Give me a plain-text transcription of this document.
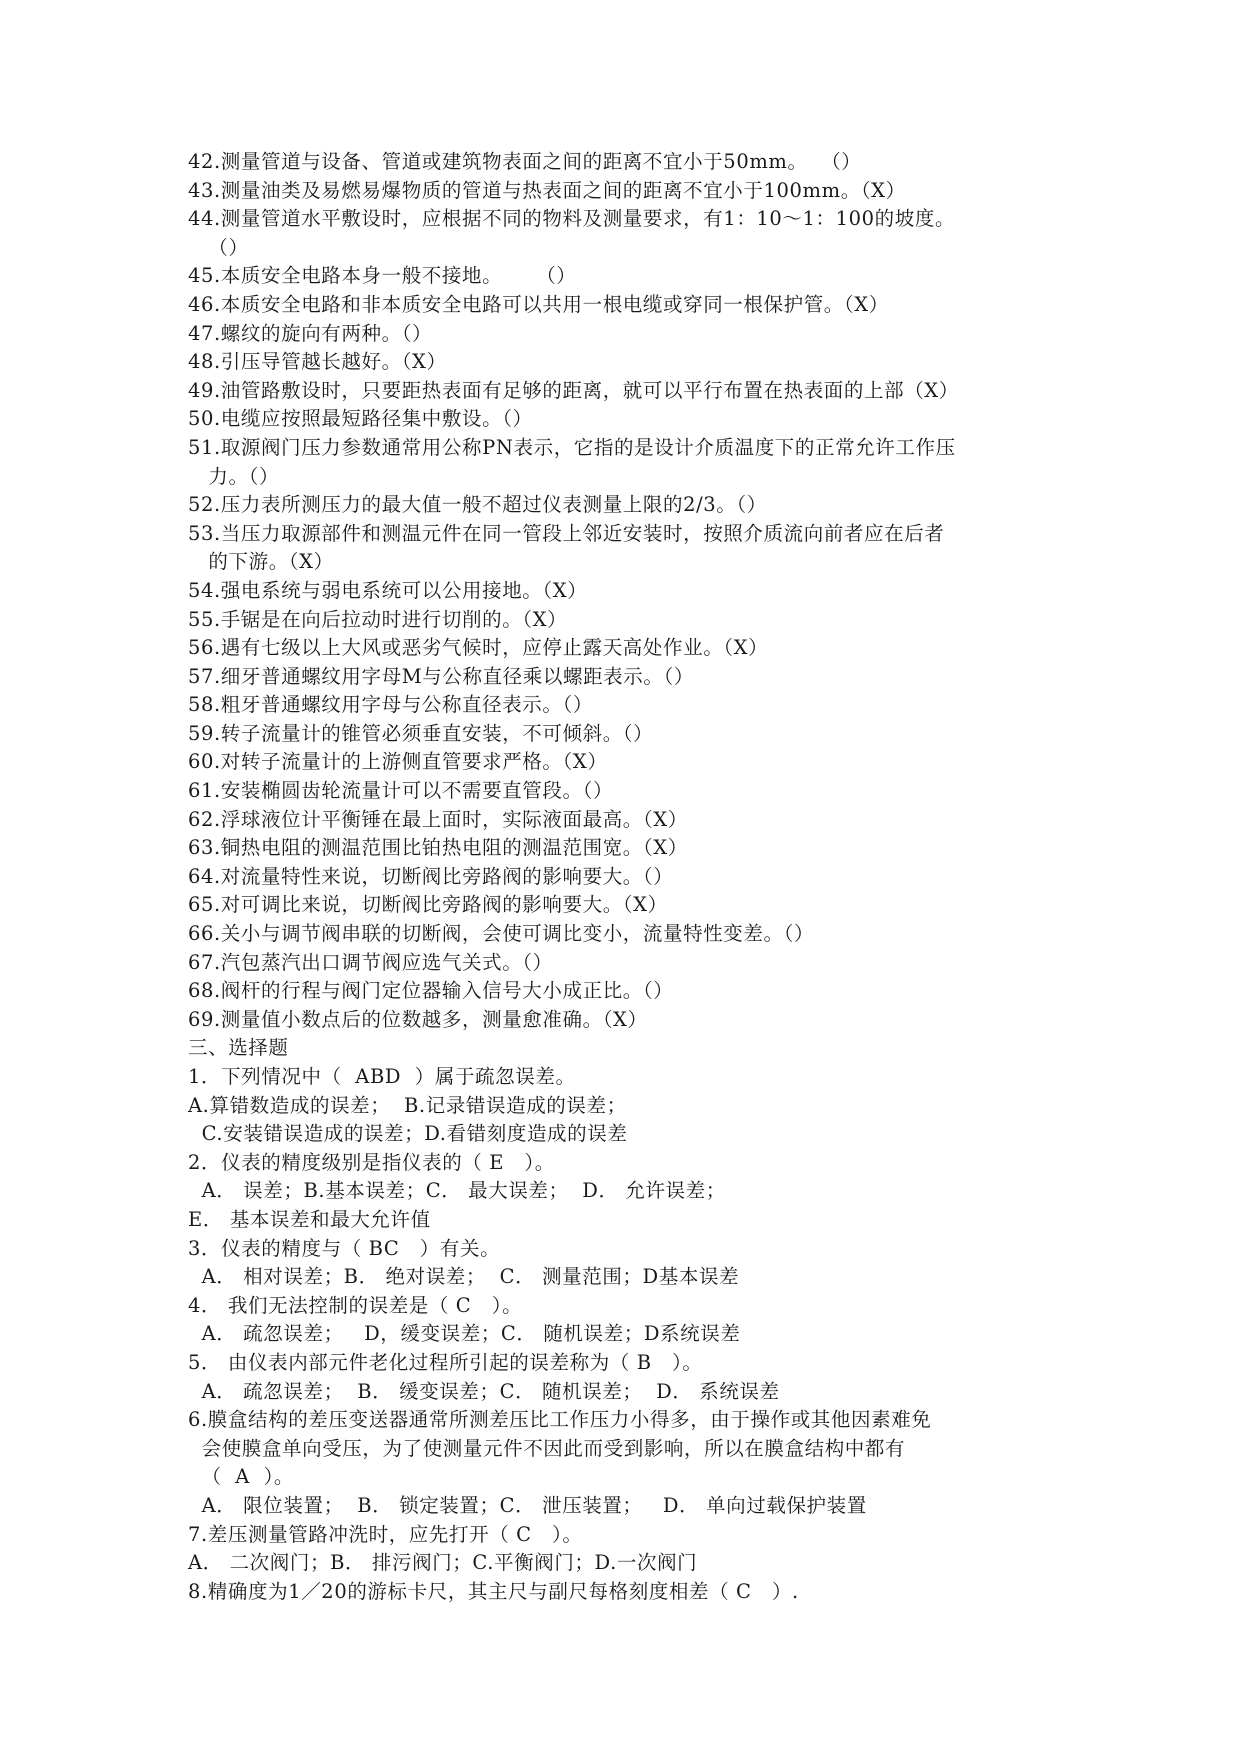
42.测量管道与设备、管道或建筑物表面之间的距离不宜小于50mm。  （）
43.测量油类及易燃易爆物质的管道与热表面之间的距离不宜小于100mm。（X）
44.测量管道水平敷设时，应根据不同的物料及测量要求，有1：10～1：100的坡度。
（）
45.本质安全电路本身一般不接地。     （）
46.本质安全电路和非本质安全电路可以共用一根电缆或穿同一根保护管。（X）
47.螺纹的旋向有两种。（）
48.引压导管越长越好。（X）
49.油管路敷设时，只要距热表面有足够的距离，就可以平行布置在热表面的上部（X）
50.电缆应按照最短路径集中敷设。（）
51.取源阀门压力参数通常用公称PN表示，它指的是设计介质温度下的正常允许工作压
力。（）
52.压力表所测压力的最大值一般不超过仪表测量上限的2/3。（）
53.当压力取源部件和测温元件在同一管段上邻近安装时，按照介质流向前者应在后者
的下游。（X）
54.强电系统与弱电系统可以公用接地。（X）
55.手锯是在向后拉动时进行切削的。（X）
56.遇有七级以上大风或恶劣气候时，应停止露天高处作业。（X）
57.细牙普通螺纹用字母M与公称直径乘以螺距表示。（）
58.粗牙普通螺纹用字母与公称直径表示。（）
59.转子流量计的锥管必须垂直安装，不可倾斜。（）
60.对转子流量计的上游侧直管要求严格。（X）
61.安装椭圆齿轮流量计可以不需要直管段。（）
62.浮球液位计平衡锤在最上面时，实际液面最高。（X）
63.铜热电阻的测温范围比铂热电阻的测温范围宽。（X）
64.对流量特性来说，切断阀比旁路阀的影响要大。（）
65.对可调比来说，切断阀比旁路阀的影响要大。（X）
66.关小与调节阀串联的切断阀，会使可调比变小，流量特性变差。（）
67.汽包蒸汽出口调节阀应选气关式。（）
68.阀杆的行程与阀门定位器输入信号大小成正比。（）
69.测量值小数点后的位数越多，测量愈准确。（X）
三、选择题
1．下列情况中（  ABD  ）属于疏忽误差。
A.算错数造成的误差；  B.记录错误造成的误差；
C.安装错误造成的误差；D.看错刻度造成的误差
2．仪表的精度级别是指仪表的（ E   ）。
A． 误差；B.基本误差；C． 最大误差；  D． 允许误差；
E． 基本误差和最大允许值
3．仪表的精度与（ BC   ）有关。
A． 相对误差；B． 绝对误差；  C． 测量范围；D基本误差
4． 我们无法控制的误差是（ C   ）。
A． 疏忽误差；   D，缓变误差；C． 随机误差；D系统误差
5． 由仪表内部元件老化过程所引起的误差称为（ B   ）。
A． 疏忽误差；  B． 缓变误差；C． 随机误差；  D． 系统误差
6.膜盒结构的差压变送器通常所测差压比工作压力小得多，由于操作或其他因素难免
会使膜盒单向受压，为了使测量元件不因此而受到影响，所以在膜盒结构中都有
（  A  ）。
A． 限位装置；  B． 锁定装置；C． 泄压装置；   D． 单向过载保护装置
7.差压测量管路冲洗时，应先打开（ C   ）。
A． 二次阀门；B． 排污阀门；C.平衡阀门；D.一次阀门
8.精确度为1／20的游标卡尺，其主尺与副尺每格刻度相差（ C   ）.
